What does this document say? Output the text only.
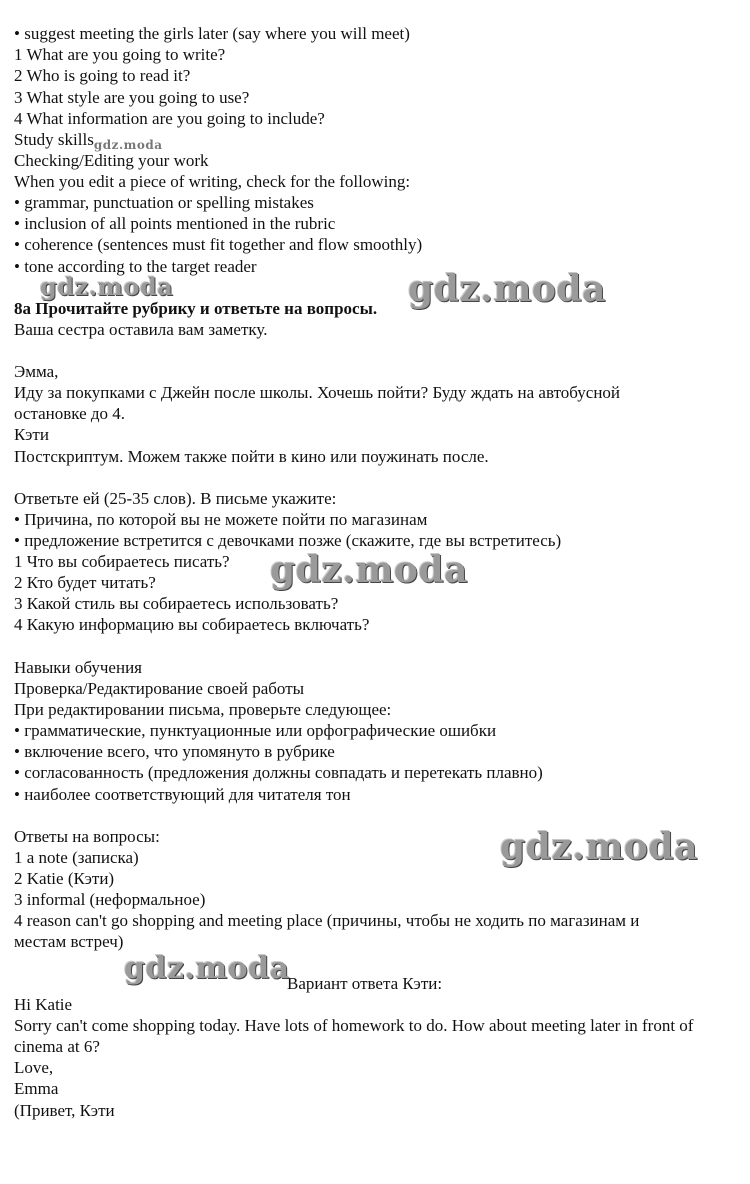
• suggest meeting the girls later (say where you will meet)
1 What are you going to write?
2 Who is going to read it?
3 What style are you going to use?
4 What information are you going to include?
Study skills$_{gdz.moda}$
Checking/Editing your work
When you edit a piece of writing, check for the following:
• grammar, punctuation or spelling mistakes
• inclusion of all points mentioned in the rubric
• coherence (sentences must fit together and flow smoothly)
• tone according to the target reader
8а Прочитайте рубрику и ответьте на вопросы.
Ваша сестра оставила вам заметку.
Эмма,
Иду за покупками с Джейн после школы. Хочешь пойти? Буду ждать на автобусной
остановке до 4.
Кэти
Постскриптум. Можем также пойти в кино или поужинать после.
Ответьте ей (25-35 слов). В письме укажите:
• Причина, по которой вы не можете пойти по магазинам
• предложение встретится с девочками позже (скажите, где вы встретитесь)
1 Что вы собираетесь писать?
2 Кто будет читать?
3 Какой стиль вы собираетесь использовать?
4 Какую информацию вы собираетесь включать?
Навыки обучения
Проверка/Редактирование своей работы
При редактировании письма, проверьте следующее:
• грамматические, пунктуационные или орфографические ошибки
• включение всего, что упомянуто в рубрике
• согласованность (предложения должны совпадать и перетекать плавно)
• наиболее соответствующий для читателя тон
Ответы на вопросы:
1 a note (записка)
2 Katie (Кэти)
3 informal (неформальное)
4 reason can't go shopping and meeting place (причины, чтобы не ходить по магазинам и
местам встреч)
Вариант ответа Кэти:
Hi Katie
Sorry can't come shopping today. Have lots of homework to do. How about meeting later in front of cinema at 6?
Love,
Emma
(Привет, Кэти
gdz.moda	gdz.moda
gdz.moda
gdz.moda
gdz.moda
